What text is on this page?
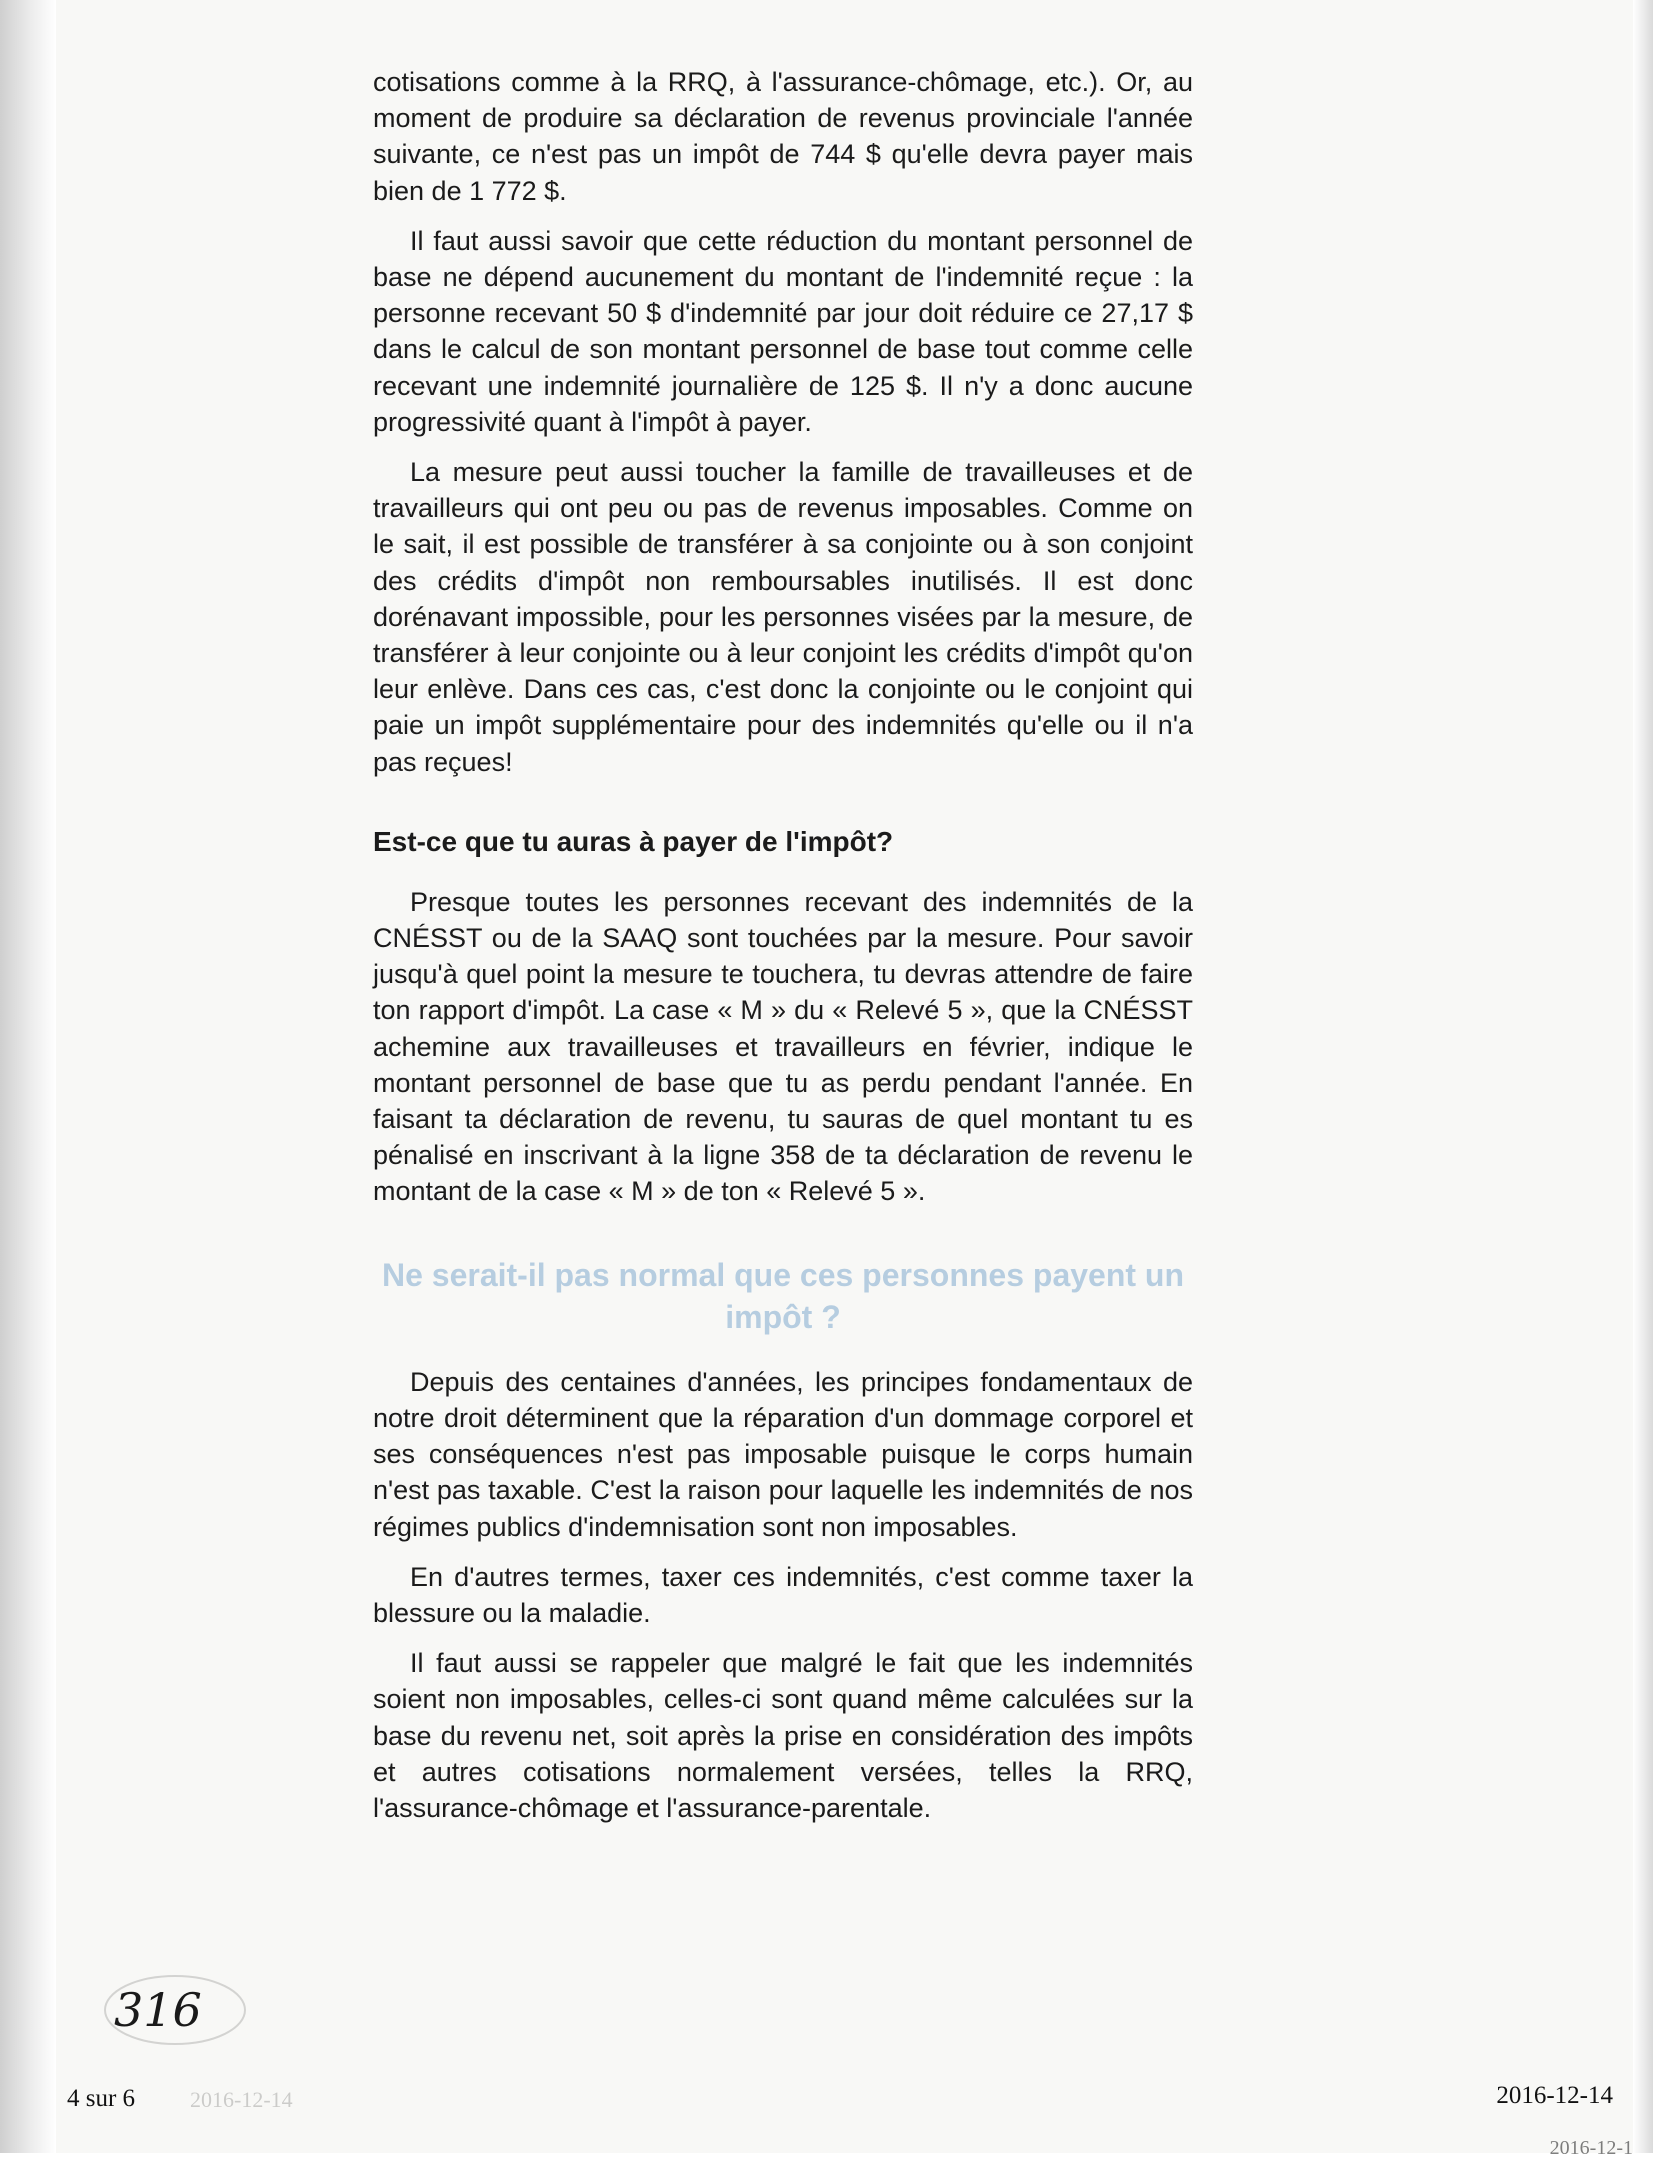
cotisations comme à la RRQ, à l'assurance-chômage, etc.). Or, au moment de produire sa déclaration de revenus provinciale l'année suivante, ce n'est pas un impôt de 744 $ qu'elle devra payer mais bien de 1 772 $.

Il faut aussi savoir que cette réduction du montant personnel de base ne dépend aucunement du montant de l'indemnité reçue : la personne recevant 50 $ d'indemnité par jour doit réduire ce 27,17 $ dans le calcul de son montant personnel de base tout comme celle recevant une indemnité journalière de 125 $. Il n'y a donc aucune progressivité quant à l'impôt à payer.

La mesure peut aussi toucher la famille de travailleuses et de travailleurs qui ont peu ou pas de revenus imposables. Comme on le sait, il est possible de transférer à sa conjointe ou à son conjoint des crédits d'impôt non remboursables inutilisés. Il est donc dorénavant impossible, pour les personnes visées par la mesure, de transférer à leur conjointe ou à leur conjoint les crédits d'impôt qu'on leur enlève. Dans ces cas, c'est donc la conjointe ou le conjoint qui paie un impôt supplémentaire pour des indemnités qu'elle ou il n'a pas reçues!

Est-ce que tu auras à payer de l'impôt?

Presque toutes les personnes recevant des indemnités de la CNÉSST ou de la SAAQ sont touchées par la mesure. Pour savoir jusqu'à quel point la mesure te touchera, tu devras attendre de faire ton rapport d'impôt. La case « M » du « Relevé 5 », que la CNÉSST achemine aux travailleuses et travailleurs en février, indique le montant personnel de base que tu as perdu pendant l'année. En faisant ta déclaration de revenu, tu sauras de quel montant tu es pénalisé en inscrivant à la ligne 358 de ta déclaration de revenu le montant de la case « M » de ton « Relevé 5 ».

Ne serait-il pas normal que ces personnes payent un impôt ?

Depuis des centaines d'années, les principes fondamentaux de notre droit déterminent que la réparation d'un dommage corporel et ses conséquences n'est pas imposable puisque le corps humain n'est pas taxable. C'est la raison pour laquelle les indemnités de nos régimes publics d'indemnisation sont non imposables.

En d'autres termes, taxer ces indemnités, c'est comme taxer la blessure ou la maladie.

Il faut aussi se rappeler que malgré le fait que les indemnités soient non imposables, celles-ci sont quand même calculées sur la base du revenu net, soit après la prise en considération des impôts et autres cotisations normalement versées, telles la RRQ, l'assurance-chômage et l'assurance-parentale.

316
4 sur 6 2016-12-14	2016-12-14
2016-12-1
